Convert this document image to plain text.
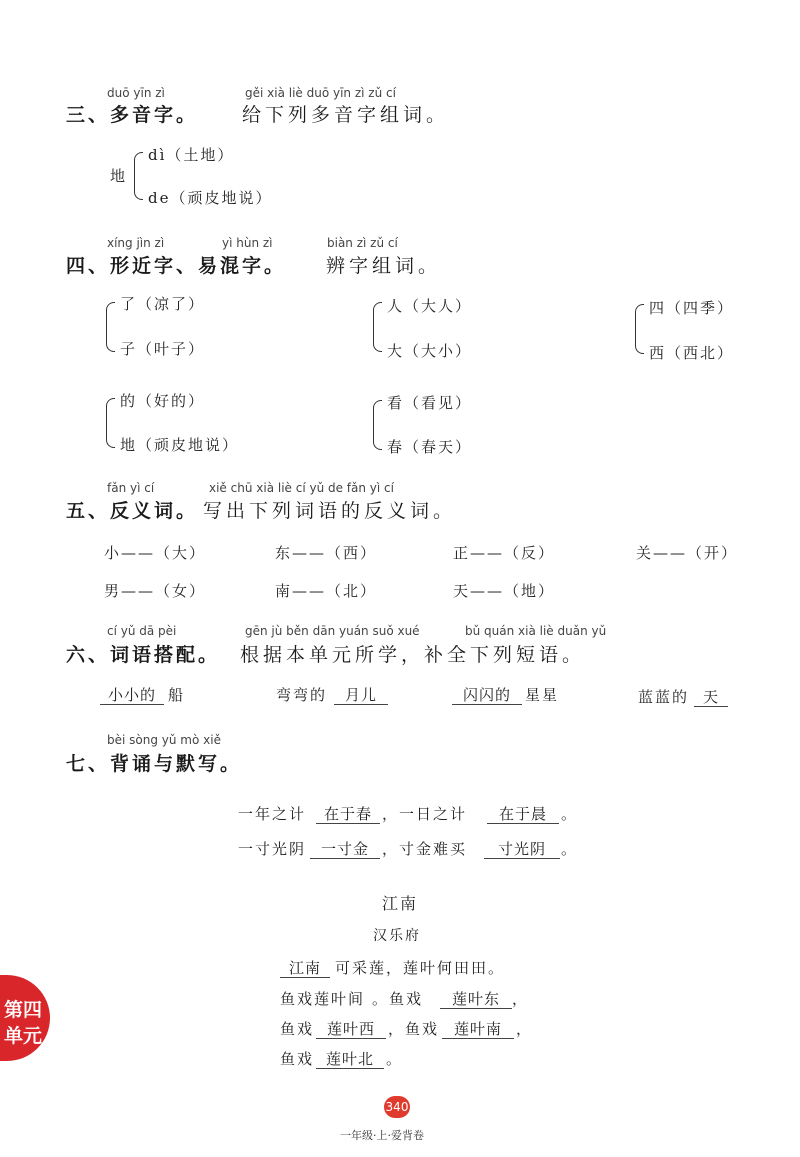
duō yīn zì	gěi xià liè duō yīn zì zǔ cí
三、多音字。 给下列多音字组词。
地
dì（土地）
de（顽皮地说）
xíng jìn zì	yì hùn zì	biàn zì zǔ cí
四、形近字、易混字。 辨字组词。
了（凉了）
子（叶子）
人（大人）
大（大小）
四（四季）
西（西北）
的（好的）
地（顽皮地说）
看（看见）
春（春天）
fǎn yì cí	xiě chū xià liè cí yǔ de fǎn yì cí
五、反义词。 写出下列词语的反义词。
小——（大）	东——（西）	正——（反）	关——（开）
男——（女）	南——（北）	天——（地）
cí yǔ dā pèi	gēn jù běn dān yuán suǒ xué	bǔ quán xià liè duǎn yǔ
六、词语搭配。 根据本单元所学，补全下列短语。
小小的 船	弯弯的	月儿	闪闪的 星星	蓝蓝的 天
bèi sòng yǔ mò xiě
七、背诵与默写。
一年之计	在于春 ，一日之计	在于晨 。
一寸光阴 一寸金 ，寸金难买	寸光阴	。
江南
汉乐府
江南 可采莲，莲叶何田田。
鱼戏莲叶间 。鱼戏	莲叶东 ，
鱼戏 莲叶西 ，鱼戏 莲叶南 ，
鱼戏 莲叶北 。
第四
单元
340
一年级·上·爱背卷
